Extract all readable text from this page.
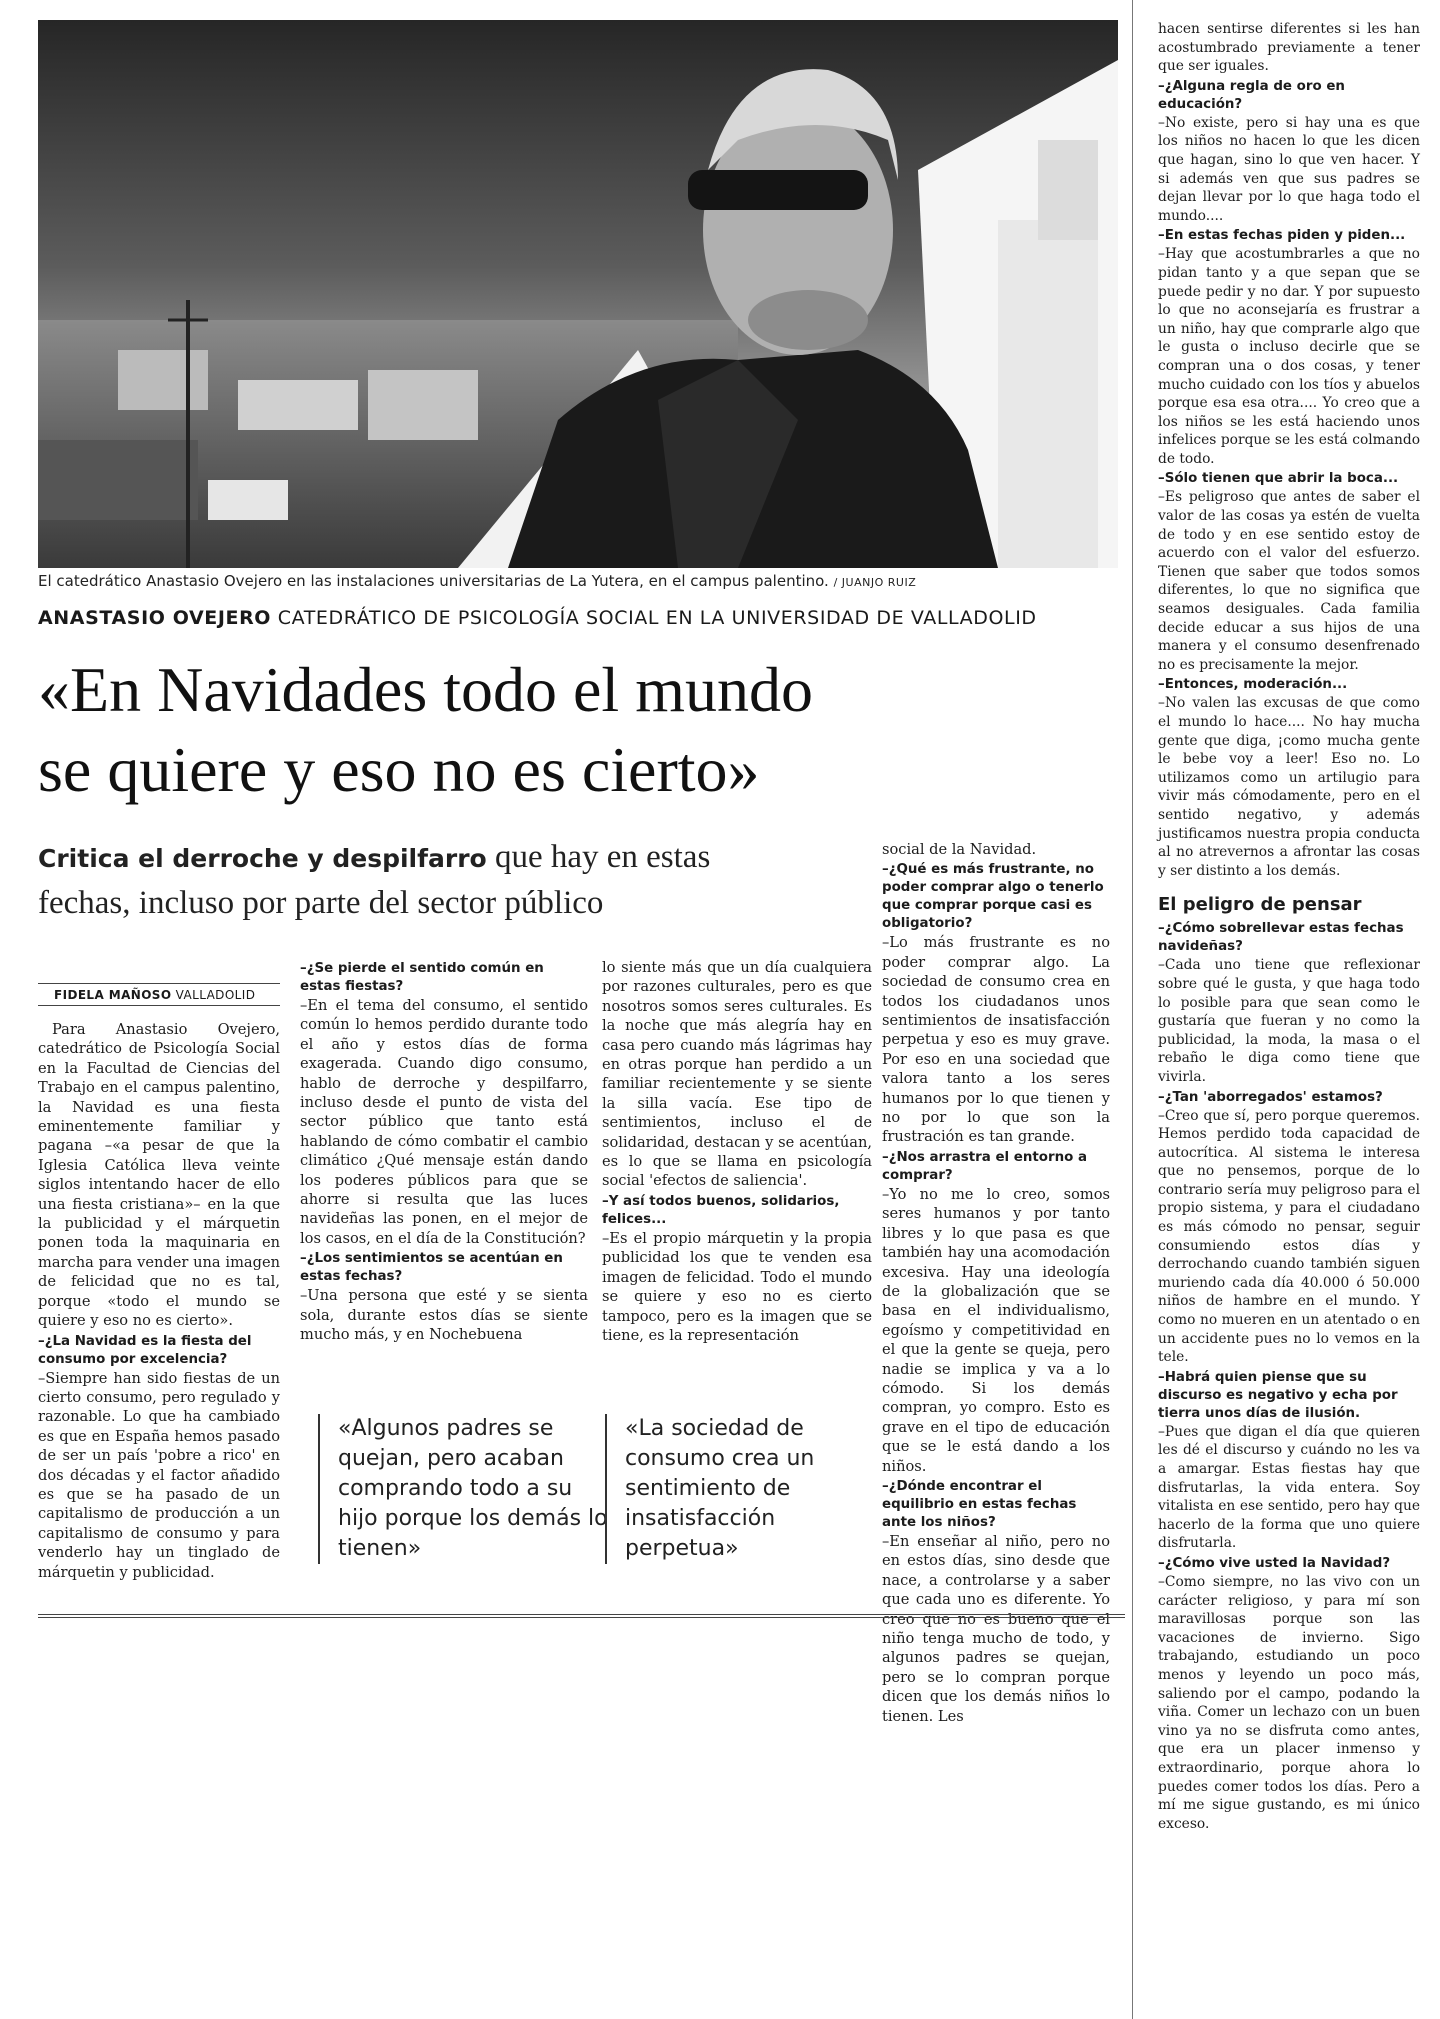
El catedrático Anastasio Ovejero en las instalaciones universitarias de La Yutera, en el campus palentino. / JUANJO RUIZ
ANASTASIO OVEJERO CATEDRÁTICO DE PSICOLOGÍA SOCIAL EN LA UNIVERSIDAD DE VALLADOLID
«En Navidades todo el mundo
se quiere y eso no es cierto»
Critica el derroche y despilfarro que hay en estas
fechas, incluso por parte del sector público
FIDELA MAÑOSO VALLADOLID

Para Anastasio Ovejero, catedrático de Psicología Social en la Facultad de Ciencias del Trabajo en el campus palentino, la Navidad es una fiesta eminentemente familiar y pagana –«a pesar de que la Iglesia Católica lleva veinte siglos intentando hacer de ello una fiesta cristiana»– en la que la publicidad y el márquetin ponen toda la maquinaria en marcha para vender una imagen de felicidad que no es tal, porque «todo el mundo se quiere y eso no es cierto».

–¿La Navidad es la fiesta del consumo por excelencia?

–Siempre han sido fiestas de un cierto consumo, pero regulado y razonable. Lo que ha cambiado es que en España hemos pasado de ser un país 'pobre a rico' en dos décadas y el factor añadido es que se ha pasado de un capitalismo de producción a un capitalismo de consumo y para venderlo hay un tinglado de márquetin y publicidad.

–¿Se pierde el sentido común en estas fiestas?

–En el tema del consumo, el sentido común lo hemos perdido durante todo el año y estos días de forma exagerada. Cuando digo consumo, hablo de derroche y despilfarro, incluso desde el punto de vista del sector público que tanto está hablando de cómo combatir el cambio climático ¿Qué mensaje están dando los poderes públicos para que se ahorre si resulta que las luces navideñas las ponen, en el mejor de los casos, en el día de la Constitución?

–¿Los sentimientos se acentúan en estas fechas?

–Una persona que esté y se sienta sola, durante estos días se siente mucho más, y en Nochebuena

lo siente más que un día cualquiera por razones culturales, pero es que nosotros somos seres culturales. Es la noche que más alegría hay en casa pero cuando más lágrimas hay en otras porque han perdido a un familiar recientemente y se siente la silla vacía. Ese tipo de sentimientos, incluso el de solidaridad, destacan y se acentúan, es lo que se llama en psicología social 'efectos de saliencia'.

–Y así todos buenos, solidarios, felices...

–Es el propio márquetin y la propia publicidad los que te venden esa imagen de felicidad. Todo el mundo se quiere y eso no es cierto tampoco, pero es la imagen que se tiene, es la representación

«Algunos padres se quejan, pero acaban comprando todo a su hijo porque los demás lo tienen»
«La sociedad de consumo crea un sentimiento de insatisfacción perpetua»

social de la Navidad.

–¿Qué es más frustrante, no poder comprar algo o tenerlo que comprar porque casi es obligatorio?

–Lo más frustrante es no poder comprar algo. La sociedad de consumo crea en todos los ciudadanos unos sentimientos de insatisfacción perpetua y eso es muy grave. Por eso en una sociedad que valora tanto a los seres humanos por lo que tienen y no por lo que son la frustración es tan grande.

–¿Nos arrastra el entorno a comprar?

–Yo no me lo creo, somos seres humanos y por tanto libres y lo que pasa es que también hay una acomodación excesiva. Hay una ideología de la globalización que se basa en el individualismo, egoísmo y competitividad en el que la gente se queja, pero nadie se implica y va a lo cómodo. Si los demás compran, yo compro. Esto es grave en el tipo de educación que se le está dando a los niños.

–¿Dónde encontrar el equilibrio en estas fechas ante los niños?

–En enseñar al niño, pero no en estos días, sino desde que nace, a controlarse y a saber que cada uno es diferente. Yo creo que no es bueno que el niño tenga mucho de todo, y algunos padres se quejan, pero se lo compran porque dicen que los demás niños lo tienen. Les

hacen sentirse diferentes si les han acostumbrado previamente a tener que ser iguales.

–¿Alguna regla de oro en educación?

–No existe, pero si hay una es que los niños no hacen lo que les dicen que hagan, sino lo que ven hacer. Y si además ven que sus padres se dejan llevar por lo que haga todo el mundo....

–En estas fechas piden y piden...

–Hay que acostumbrarles a que no pidan tanto y a que sepan que se puede pedir y no dar. Y por supuesto lo que no aconsejaría es frustrar a un niño, hay que comprarle algo que le gusta o incluso decirle que se compran una o dos cosas, y tener mucho cuidado con los tíos y abuelos porque esa esa otra.... Yo creo que a los niños se les está haciendo unos infelices porque se les está colmando de todo.

–Sólo tienen que abrir la boca...

–Es peligroso que antes de saber el valor de las cosas ya estén de vuelta de todo y en ese sentido estoy de acuerdo con el valor del esfuerzo. Tienen que saber que todos somos diferentes, lo que no significa que seamos desiguales. Cada familia decide educar a sus hijos de una manera y el consumo desenfrenado no es precisamente la mejor.

–Entonces, moderación...

–No valen las excusas de que como el mundo lo hace.... No hay mucha gente que diga, ¡como mucha gente le bebe voy a leer! Eso no. Lo utilizamos como un artilugio para vivir más cómodamente, pero en el sentido negativo, y además justificamos nuestra propia conducta al no atrevernos a afrontar las cosas y ser distinto a los demás.

El peligro de pensar

–¿Cómo sobrellevar estas fechas navideñas?

–Cada uno tiene que reflexionar sobre qué le gusta, y que haga todo lo posible para que sean como le gustaría que fueran y no como la publicidad, la moda, la masa o el rebaño le diga como tiene que vivirla.

–¿Tan 'aborregados' estamos?

–Creo que sí, pero porque queremos. Hemos perdido toda capacidad de autocrítica. Al sistema le interesa que no pensemos, porque de lo contrario sería muy peligroso para el propio sistema, y para el ciudadano es más cómodo no pensar, seguir consumiendo estos días y derrochando cuando también siguen muriendo cada día 40.000 ó 50.000 niños de hambre en el mundo. Y como no mueren en un atentado o en un accidente pues no lo vemos en la tele.

–Habrá quien piense que su discurso es negativo y echa por tierra unos días de ilusión.

–Pues que digan el día que quieren les dé el discurso y cuándo no les va a amargar. Estas fiestas hay que disfrutarlas, la vida entera. Soy vitalista en ese sentido, pero hay que hacerlo de la forma que uno quiere disfrutarla.

–¿Cómo vive usted la Navidad?

–Como siempre, no las vivo con un carácter religioso, y para mí son maravillosas porque son las vacaciones de invierno. Sigo trabajando, estudiando un poco menos y leyendo un poco más, saliendo por el campo, podando la viña. Comer un lechazo con un buen vino ya no se disfruta como antes, que era un placer inmenso y extraordinario, porque ahora lo puedes comer todos los días. Pero a mí me sigue gustando, es mi único exceso.
